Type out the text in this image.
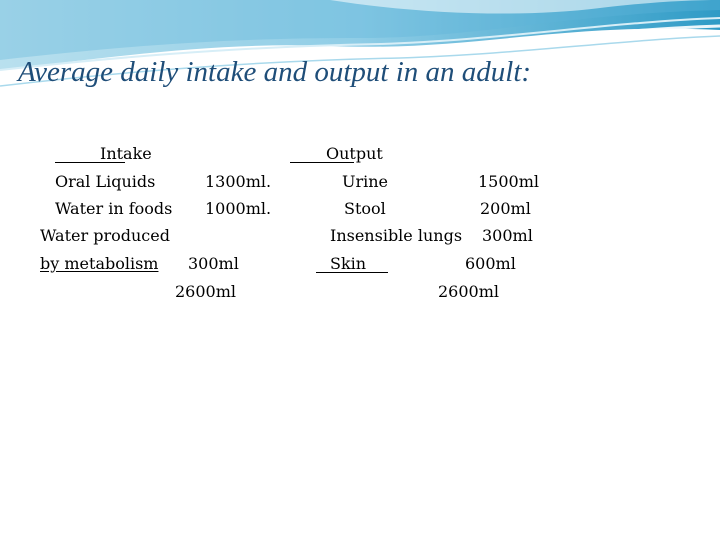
Average daily intake and output in an adult:
Intake
Oral Liquids	1300ml.
Water in foods 1000ml.
Water produced
by metabolism 300ml
2600ml
Output
Urine	1500ml
Stool	200ml
Insensible lungs 300ml
Skin	600ml
2600ml
